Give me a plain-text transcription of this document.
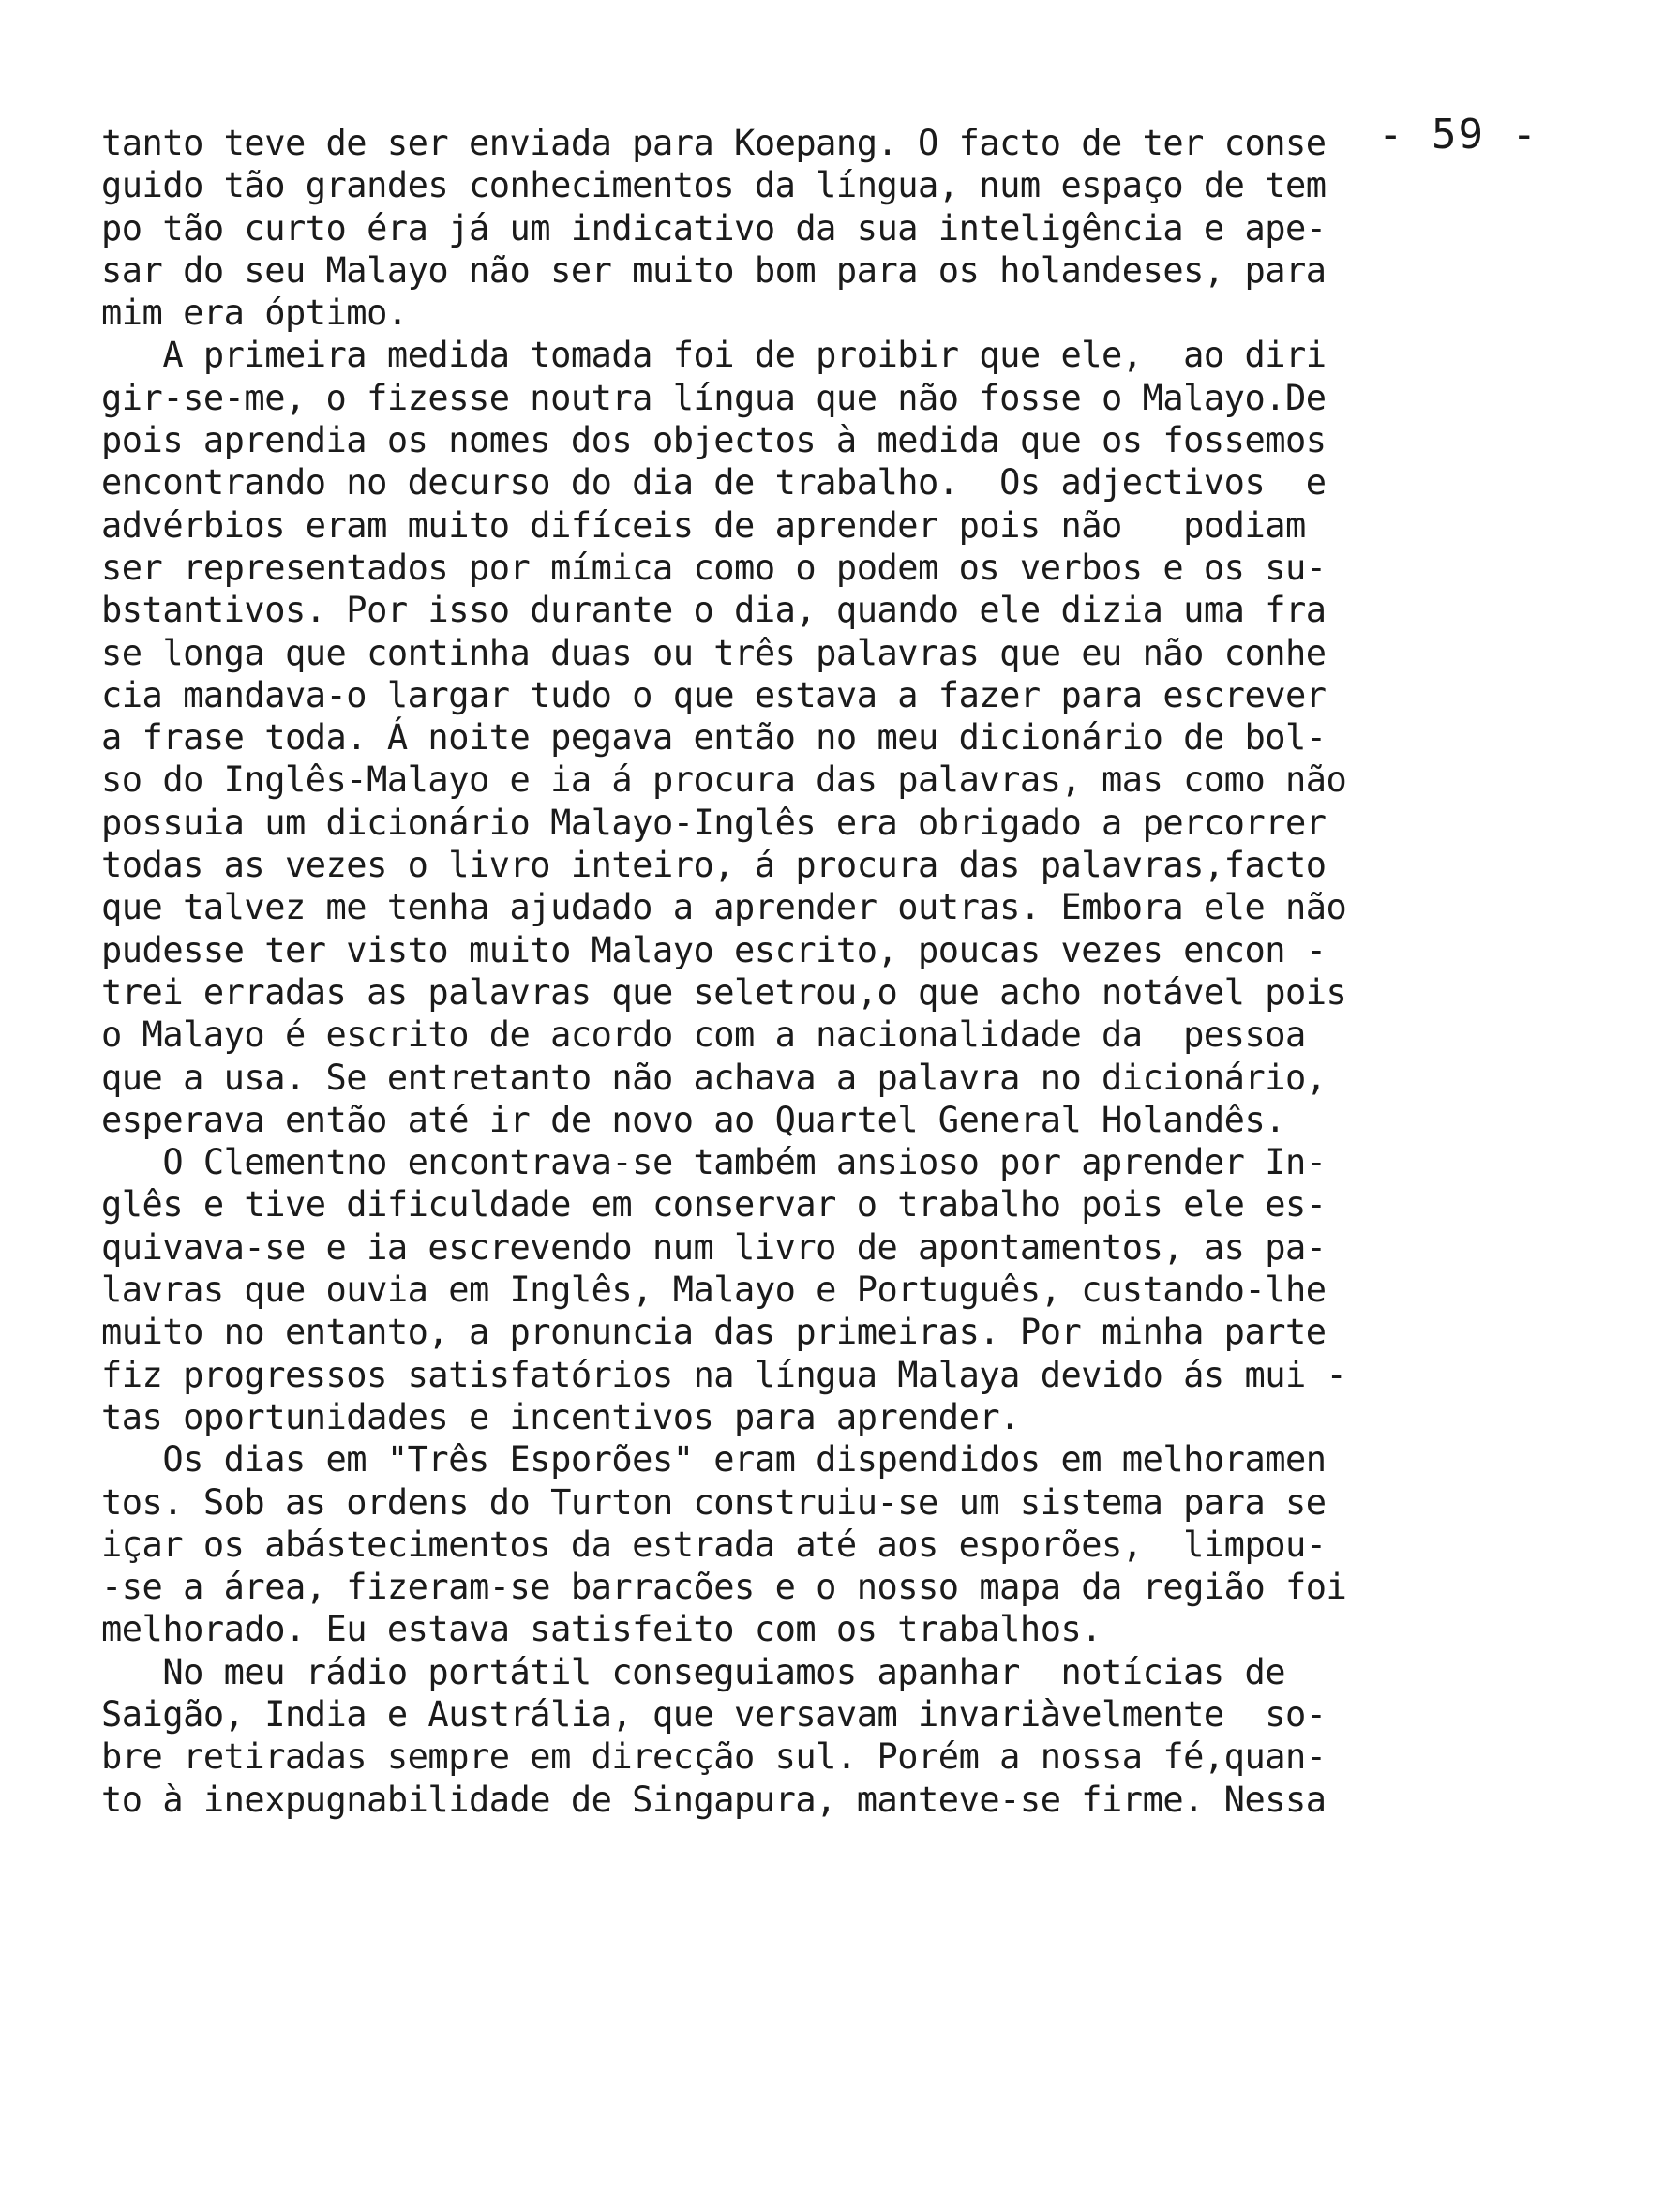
- 59 -
tanto teve de ser enviada para Koepang. O facto de ter conse
guido tão grandes conhecimentos da língua, num espaço de tem
po tão curto éra já um indicativo da sua inteligência e ape-
sar do seu Malayo não ser muito bom para os holandeses, para
mim era óptimo.
A primeira medida tomada foi de proibir que ele,  ao diri
gir-se-me, o fizesse noutra língua que não fosse o Malayo.De
pois aprendia os nomes dos objectos à medida que os fossemos
encontrando no decurso do dia de trabalho.  Os adjectivos  e
advérbios eram muito difíceis de aprender pois não   podiam
ser representados por mímica como o podem os verbos e os su-
bstantivos. Por isso durante o dia, quando ele dizia uma fra
se longa que continha duas ou três palavras que eu não conhe
cia mandava-o largar tudo o que estava a fazer para escrever
a frase toda. Á noite pegava então no meu dicionário de bol-
so do Inglês-Malayo e ia á procura das palavras, mas como não
possuia um dicionário Malayo-Inglês era obrigado a percorrer
todas as vezes o livro inteiro, á procura das palavras,facto
que talvez me tenha ajudado a aprender outras. Embora ele não
pudesse ter visto muito Malayo escrito, poucas vezes encon -
trei erradas as palavras que seletrou,o que acho notável pois
o Malayo é escrito de acordo com a nacionalidade da  pessoa
que a usa. Se entretanto não achava a palavra no dicionário,
esperava então até ir de novo ao Quartel General Holandês.
O Clementno encontrava-se também ansioso por aprender In-
glês e tive dificuldade em conservar o trabalho pois ele es-
quivava-se e ia escrevendo num livro de apontamentos, as pa-
lavras que ouvia em Inglês, Malayo e Português, custando-lhe
muito no entanto, a pronuncia das primeiras. Por minha parte
fiz progressos satisfatórios na língua Malaya devido ás mui -
tas oportunidades e incentivos para aprender.
Os dias em "Três Esporões" eram dispendidos em melhoramen
tos. Sob as ordens do Turton construiu-se um sistema para se
içar os abástecimentos da estrada até aos esporões,  limpou-
-se a área, fizeram-se barracões e o nosso mapa da região foi
melhorado. Eu estava satisfeito com os trabalhos.
No meu rádio portátil conseguiamos apanhar  notícias de
Saigão, India e Austrália, que versavam invariàvelmente  so-
bre retiradas sempre em direcção sul. Porém a nossa fé,quan-
to à inexpugnabilidade de Singapura, manteve-se firme. Nessa
